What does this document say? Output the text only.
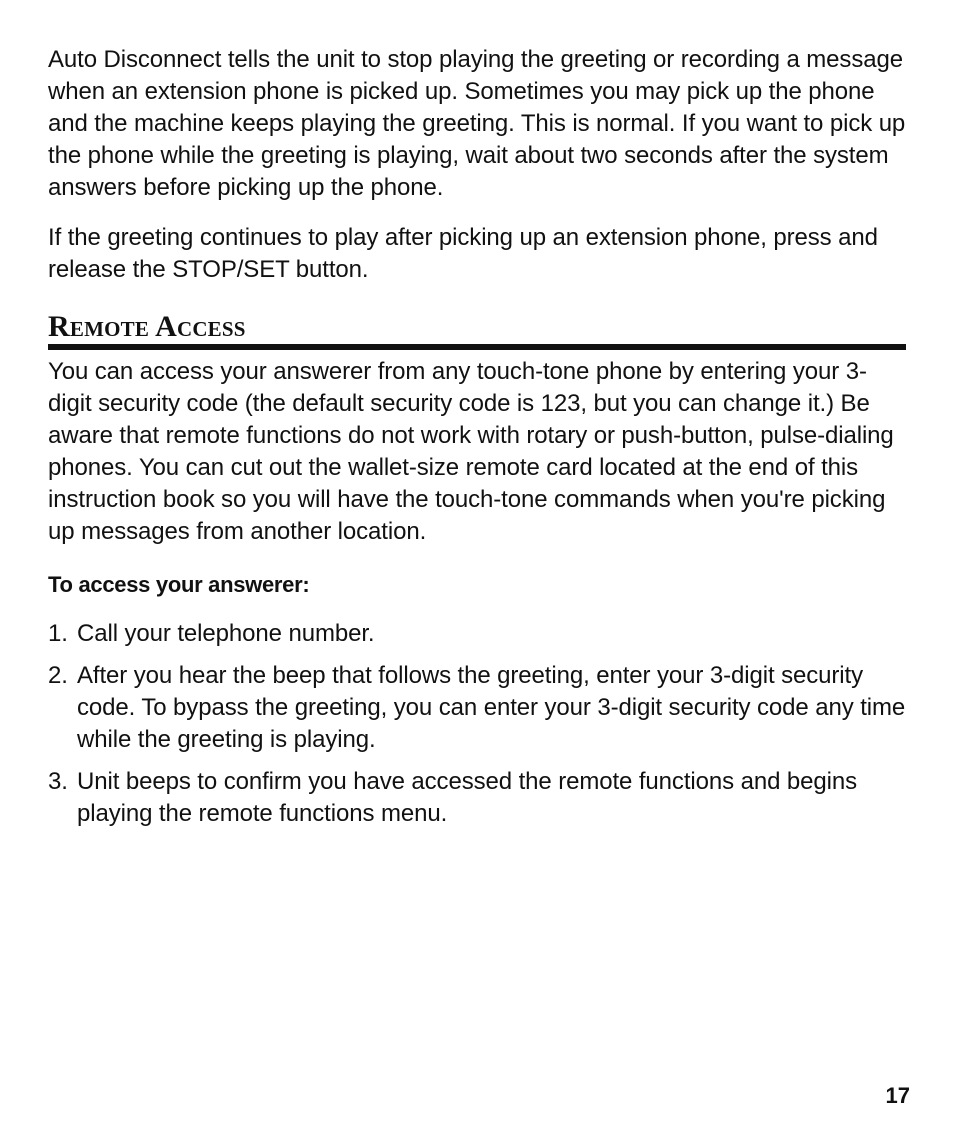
Auto Disconnect tells the unit to stop playing the greeting or recording a message when an extension phone is picked up. Sometimes you may pick up the phone and the machine keeps playing the greeting. This is normal. If you want to pick up the phone while the greeting is playing, wait about two seconds after the system answers before picking up the phone.

If the greeting continues to play after picking up an extension phone, press and release the STOP/SET button.

Remote Access

You can access your answerer from any touch-tone phone by entering your 3-digit security code (the default security code is 123, but you can change it.) Be aware that remote functions do not work with rotary or push-button, pulse-dialing phones. You can cut out the wallet-size remote card located at the end of this instruction book so you will have the touch-tone commands when you're picking up messages from another location.

To access your answerer:

1. Call your telephone number.
2. After you hear the beep that follows the greeting, enter your 3-digit security code. To bypass the greeting, you can enter your 3-digit security code any time while the greeting is playing.
3. Unit beeps to confirm you have accessed the remote functions and begins playing the remote functions menu.
17
